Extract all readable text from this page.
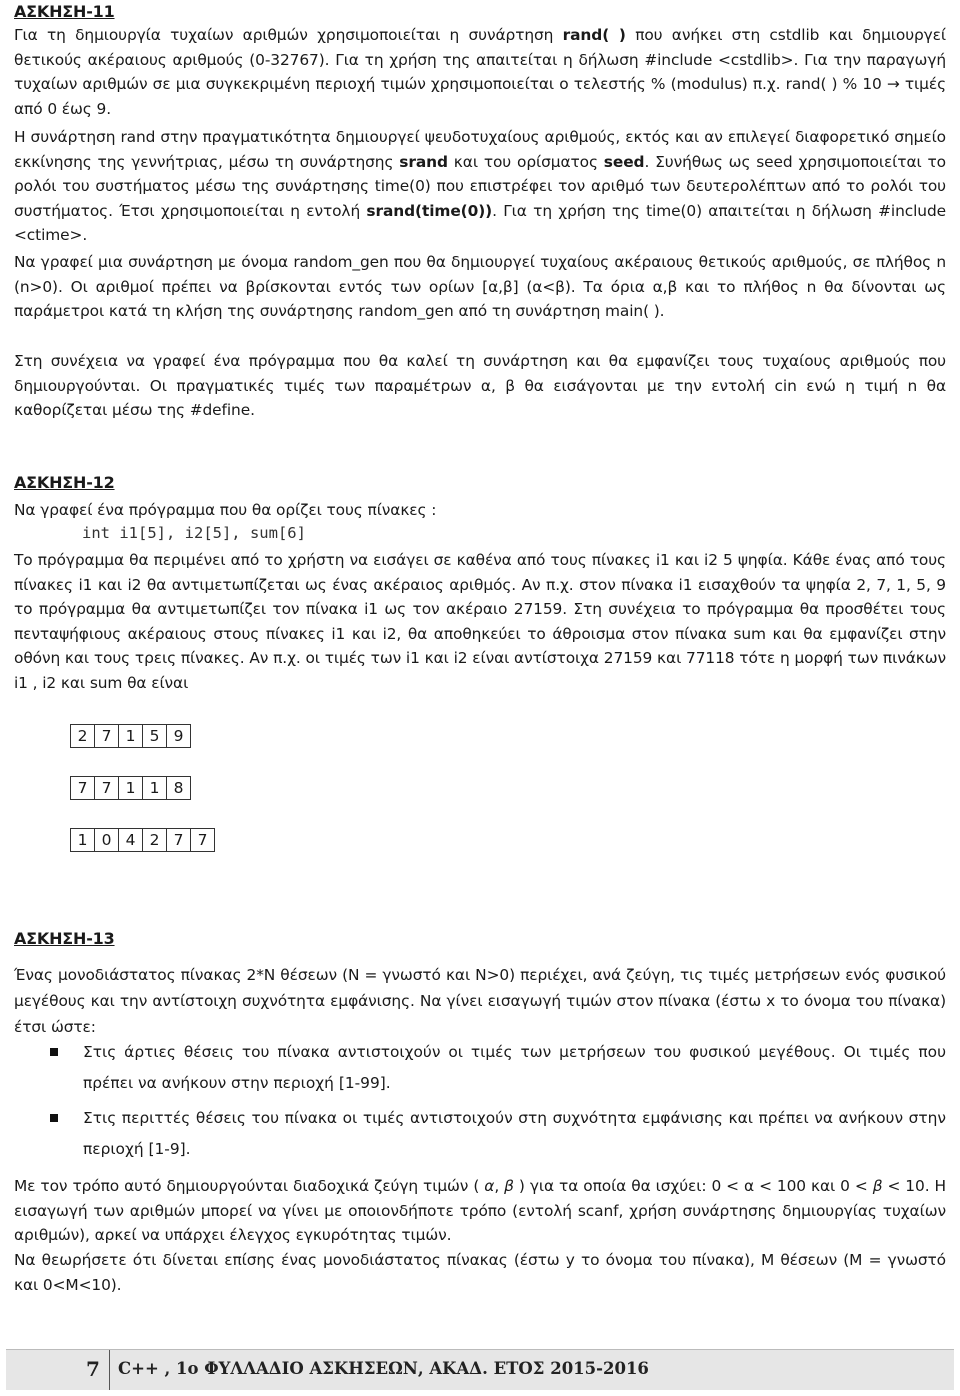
ΑΣΚΗΣΗ-11
Για τη δημιουργία τυχαίων αριθμών χρησιμοποιείται η συνάρτηση rand( ) που ανήκει στη cstdlib και δημιουργεί θετικούς ακέραιους αριθμούς (0-32767). Για τη χρήση της απαιτείται η δήλωση #include <cstdlib>. Για την παραγωγή τυχαίων αριθμών σε μια συγκεκριμένη περιοχή τιμών χρησιμοποιείται ο τελεστής % (modulus) π.χ. rand( ) % 10 → τιμές από 0 έως 9.
Η συνάρτηση rand στην πραγματικότητα δημιουργεί ψευδοτυχαίους αριθμούς, εκτός και αν επιλεγεί διαφορετικό σημείο εκκίνησης της γεννήτριας, μέσω τη συνάρτησης srand και του ορίσματος seed. Συνήθως ως seed χρησιμοποιείται το ρολόι του συστήματος μέσω της συνάρτησης time(0) που επιστρέφει τον αριθμό των δευτερολέπτων από το ρολόι του συστήματος. Έτσι χρησιμοποιείται η εντολή srand(time(0)). Για τη χρήση της time(0) απαιτείται η δήλωση #include <ctime>.
Να γραφεί μια συνάρτηση με όνομα random_gen που θα δημιουργεί τυχαίους ακέραιους θετικούς αριθμούς, σε πλήθος n (n>0). Οι αριθμοί πρέπει να βρίσκονται εντός των ορίων [α,β] (α<β). Τα όρια α,β και το πλήθος n θα δίνονται ως παράμετροι κατά τη κλήση της συνάρτησης random_gen από τη συνάρτηση main( ).
Στη συνέχεια να γραφεί ένα πρόγραμμα που θα καλεί τη συνάρτηση και θα εμφανίζει τους τυχαίους αριθμούς που δημιουργούνται. Οι πραγματικές τιμές των παραμέτρων α, β θα εισάγονται με την εντολή cin ενώ η τιμή n θα καθορίζεται μέσω της #define.
ΑΣΚΗΣΗ-12
Να γραφεί ένα πρόγραμμα που θα ορίζει τους πίνακες :
int i1[5], i2[5], sum[6]
Το πρόγραμμα θα περιμένει από το χρήστη να εισάγει σε καθένα από τους πίνακες i1 και i2 5 ψηφία. Κάθε ένας από τους πίνακες i1 και i2 θα αντιμετωπίζεται ως ένας ακέραιος αριθμός. Αν π.χ. στον πίνακα i1 εισαχθούν τα ψηφία 2, 7, 1, 5, 9 το πρόγραμμα θα αντιμετωπίζει τον πίνακα i1 ως τον ακέραιο 27159. Στη συνέχεια το πρόγραμμα θα προσθέτει τους πενταψήφιους ακέραιους στους πίνακες i1 και i2, θα αποθηκεύει το άθροισμα στον πίνακα sum και θα εμφανίζει στην οθόνη και τους τρεις πίνακες. Αν π.χ. οι τιμές των i1 και i2 είναι αντίστοιχα 27159 και 77118 τότε η μορφή των πινάκων i1 , i2 και sum θα είναι
2 7 1 5 9
7 7 1 1 8
1 0 4 2 7 7
ΑΣΚΗΣΗ-13
Ένας μονοδιάστατος πίνακας 2*N θέσεων (N = γνωστό και N>0) περιέχει, ανά ζεύγη, τις τιμές μετρήσεων ενός φυσικού μεγέθους και την αντίστοιχη συχνότητα εμφάνισης. Να γίνει εισαγωγή τιμών στον πίνακα (έστω x το όνομα του πίνακα) έτσι ώστε:
Στις άρτιες θέσεις του πίνακα αντιστοιχούν οι τιμές των μετρήσεων του φυσικού μεγέθους. Οι τιμές που πρέπει να ανήκουν στην περιοχή [1-99].
Στις περιττές θέσεις του πίνακα οι τιμές αντιστοιχούν στη συχνότητα εμφάνισης και πρέπει να ανήκουν στην περιοχή [1-9].
Με τον τρόπο αυτό δημιουργούνται διαδοχικά ζεύγη τιμών ( α, β ) για τα οποία θα ισχύει: 0 < α < 100 και 0 < β < 10. Η εισαγωγή των αριθμών μπορεί να γίνει με οποιονδήποτε τρόπο (εντολή scanf, χρήση συνάρτησης δημιουργίας τυχαίων αριθμών), αρκεί να υπάρχει έλεγχος εγκυρότητας τιμών.
Να θεωρήσετε ότι δίνεται επίσης ένας μονοδιάστατος πίνακας (έστω y το όνομα του πίνακα), M θέσεων (M = γνωστό και 0<M<10).
7 C++ , 1ο ΦΥΛΛΑΔΙΟ ΑΣΚΗΣΕΩΝ, ΑΚΑΔ. ΕΤΟΣ 2015-2016
